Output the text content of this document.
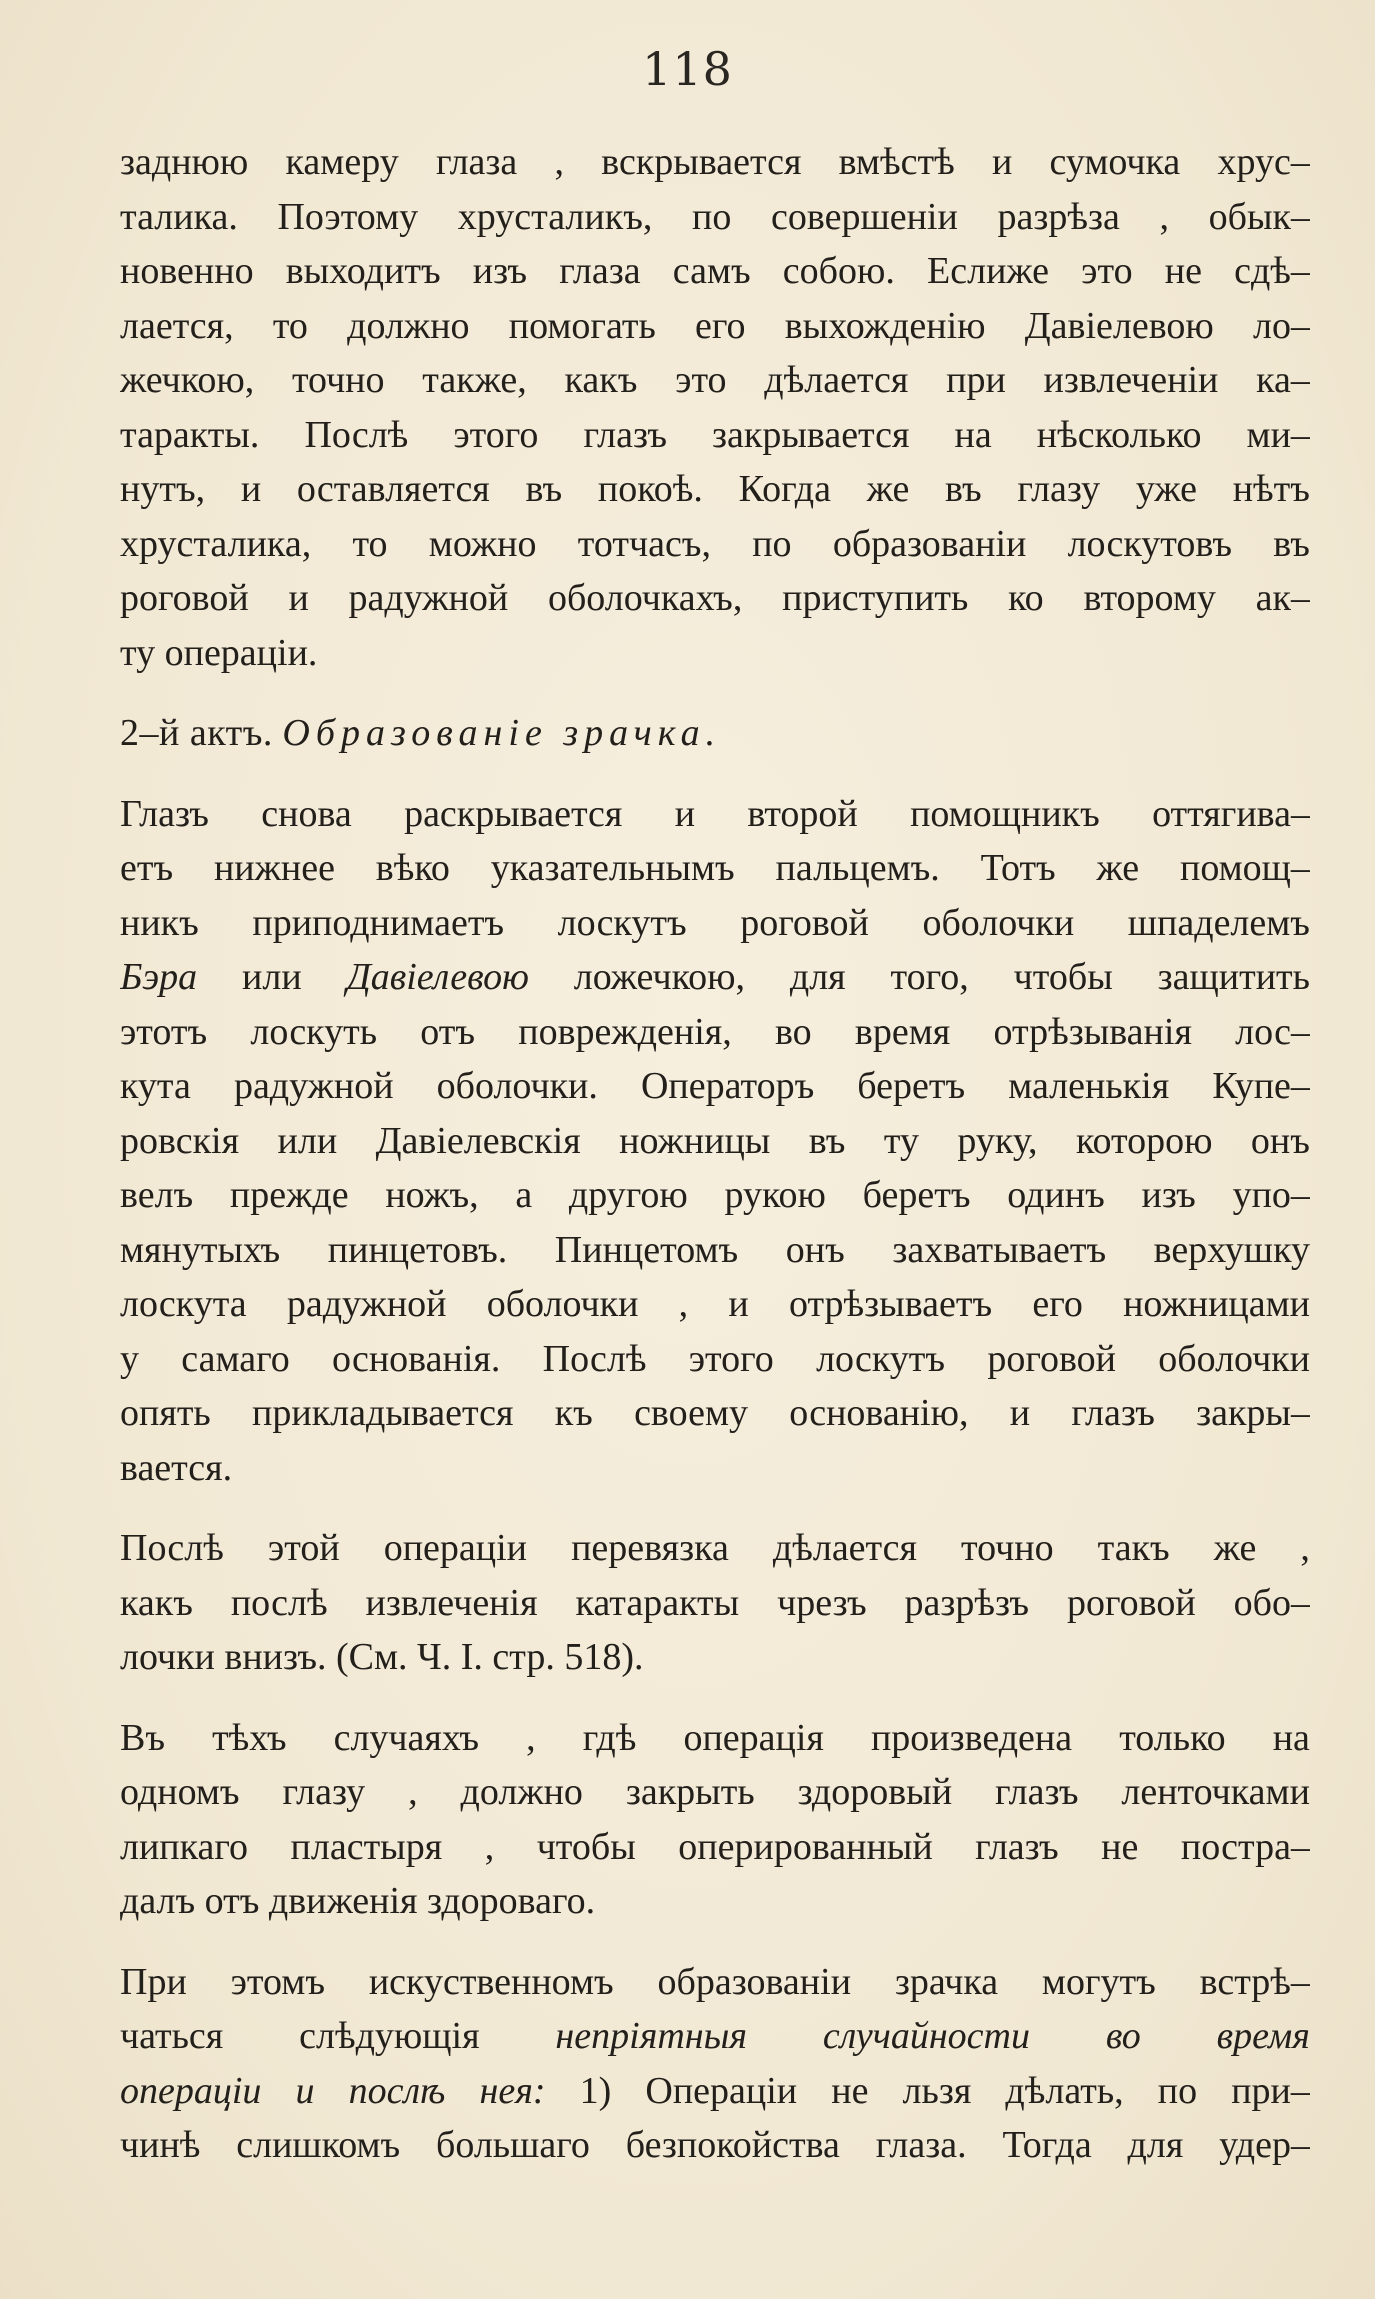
118
заднюю камеру глаза , вскрывается вмѣстѣ и сумочка хрус–
талика. Поэтому хрусталикъ, по совершеніи разрѣза , обык–
новенно выходитъ изъ глаза самъ собою. Еслиже это не сдѣ–
лается, то должно помогать его выхожденію Давіелевою ло–
жечкою, точно также, какъ это дѣлается при извлеченіи ка–
таракты. Послѣ этого глазъ закрывается на нѣсколько ми–
нутъ, и оставляется въ покоѣ. Когда же въ глазу уже нѣтъ
хрусталика, то можно тотчасъ, по образованіи лоскутовъ въ
роговой и радужной оболочкахъ, приступить ко второму ак–
ту операціи.
2–й актъ. Образованіе зрачка.
Глазъ снова раскрывается и второй помощникъ оттягива–
етъ нижнее вѣко указательнымъ пальцемъ. Тотъ же помощ–
никъ приподнимаетъ лоскутъ роговой оболочки шпаделемъ
Бэра или Давіелевою ложечкою, для того, чтобы защитить
этотъ лоскуть отъ поврежденія, во время отрѣзыванія лос–
кута радужной оболочки. Операторъ беретъ маленькія Купе–
ровскія или Давіелевскія ножницы въ ту руку, которою онъ
велъ прежде ножъ, а другою рукою беретъ одинъ изъ упо–
мянутыхъ пинцетовъ. Пинцетомъ онъ захватываетъ верхушку
лоскута радужной оболочки , и отрѣзываетъ его ножницами
у самаго основанія. Послѣ этого лоскутъ роговой оболочки
опять прикладывается къ своему основанію, и глазъ закры–
вается.
Послѣ этой операціи перевязка дѣлается точно такъ же ,
какъ послѣ извлеченія катаракты чрезъ разрѣзъ роговой обо–
лочки внизъ. (См. Ч. I. стр. 518).
Въ тѣхъ случаяхъ , гдѣ операція произведена только на
одномъ глазу , должно закрыть здоровый глазъ ленточками
липкаго пластыря , чтобы оперированный глазъ не постра–
далъ отъ движенія здороваго.
При этомъ искуственномъ образованіи зрачка могутъ встрѣ–
чаться слѣдующія непріятныя случайности во время
операціи и послѣ нея: 1) Операціи не льзя дѣлать, по при–
чинѣ слишкомъ большаго безпокойства глаза. Тогда для удер–
